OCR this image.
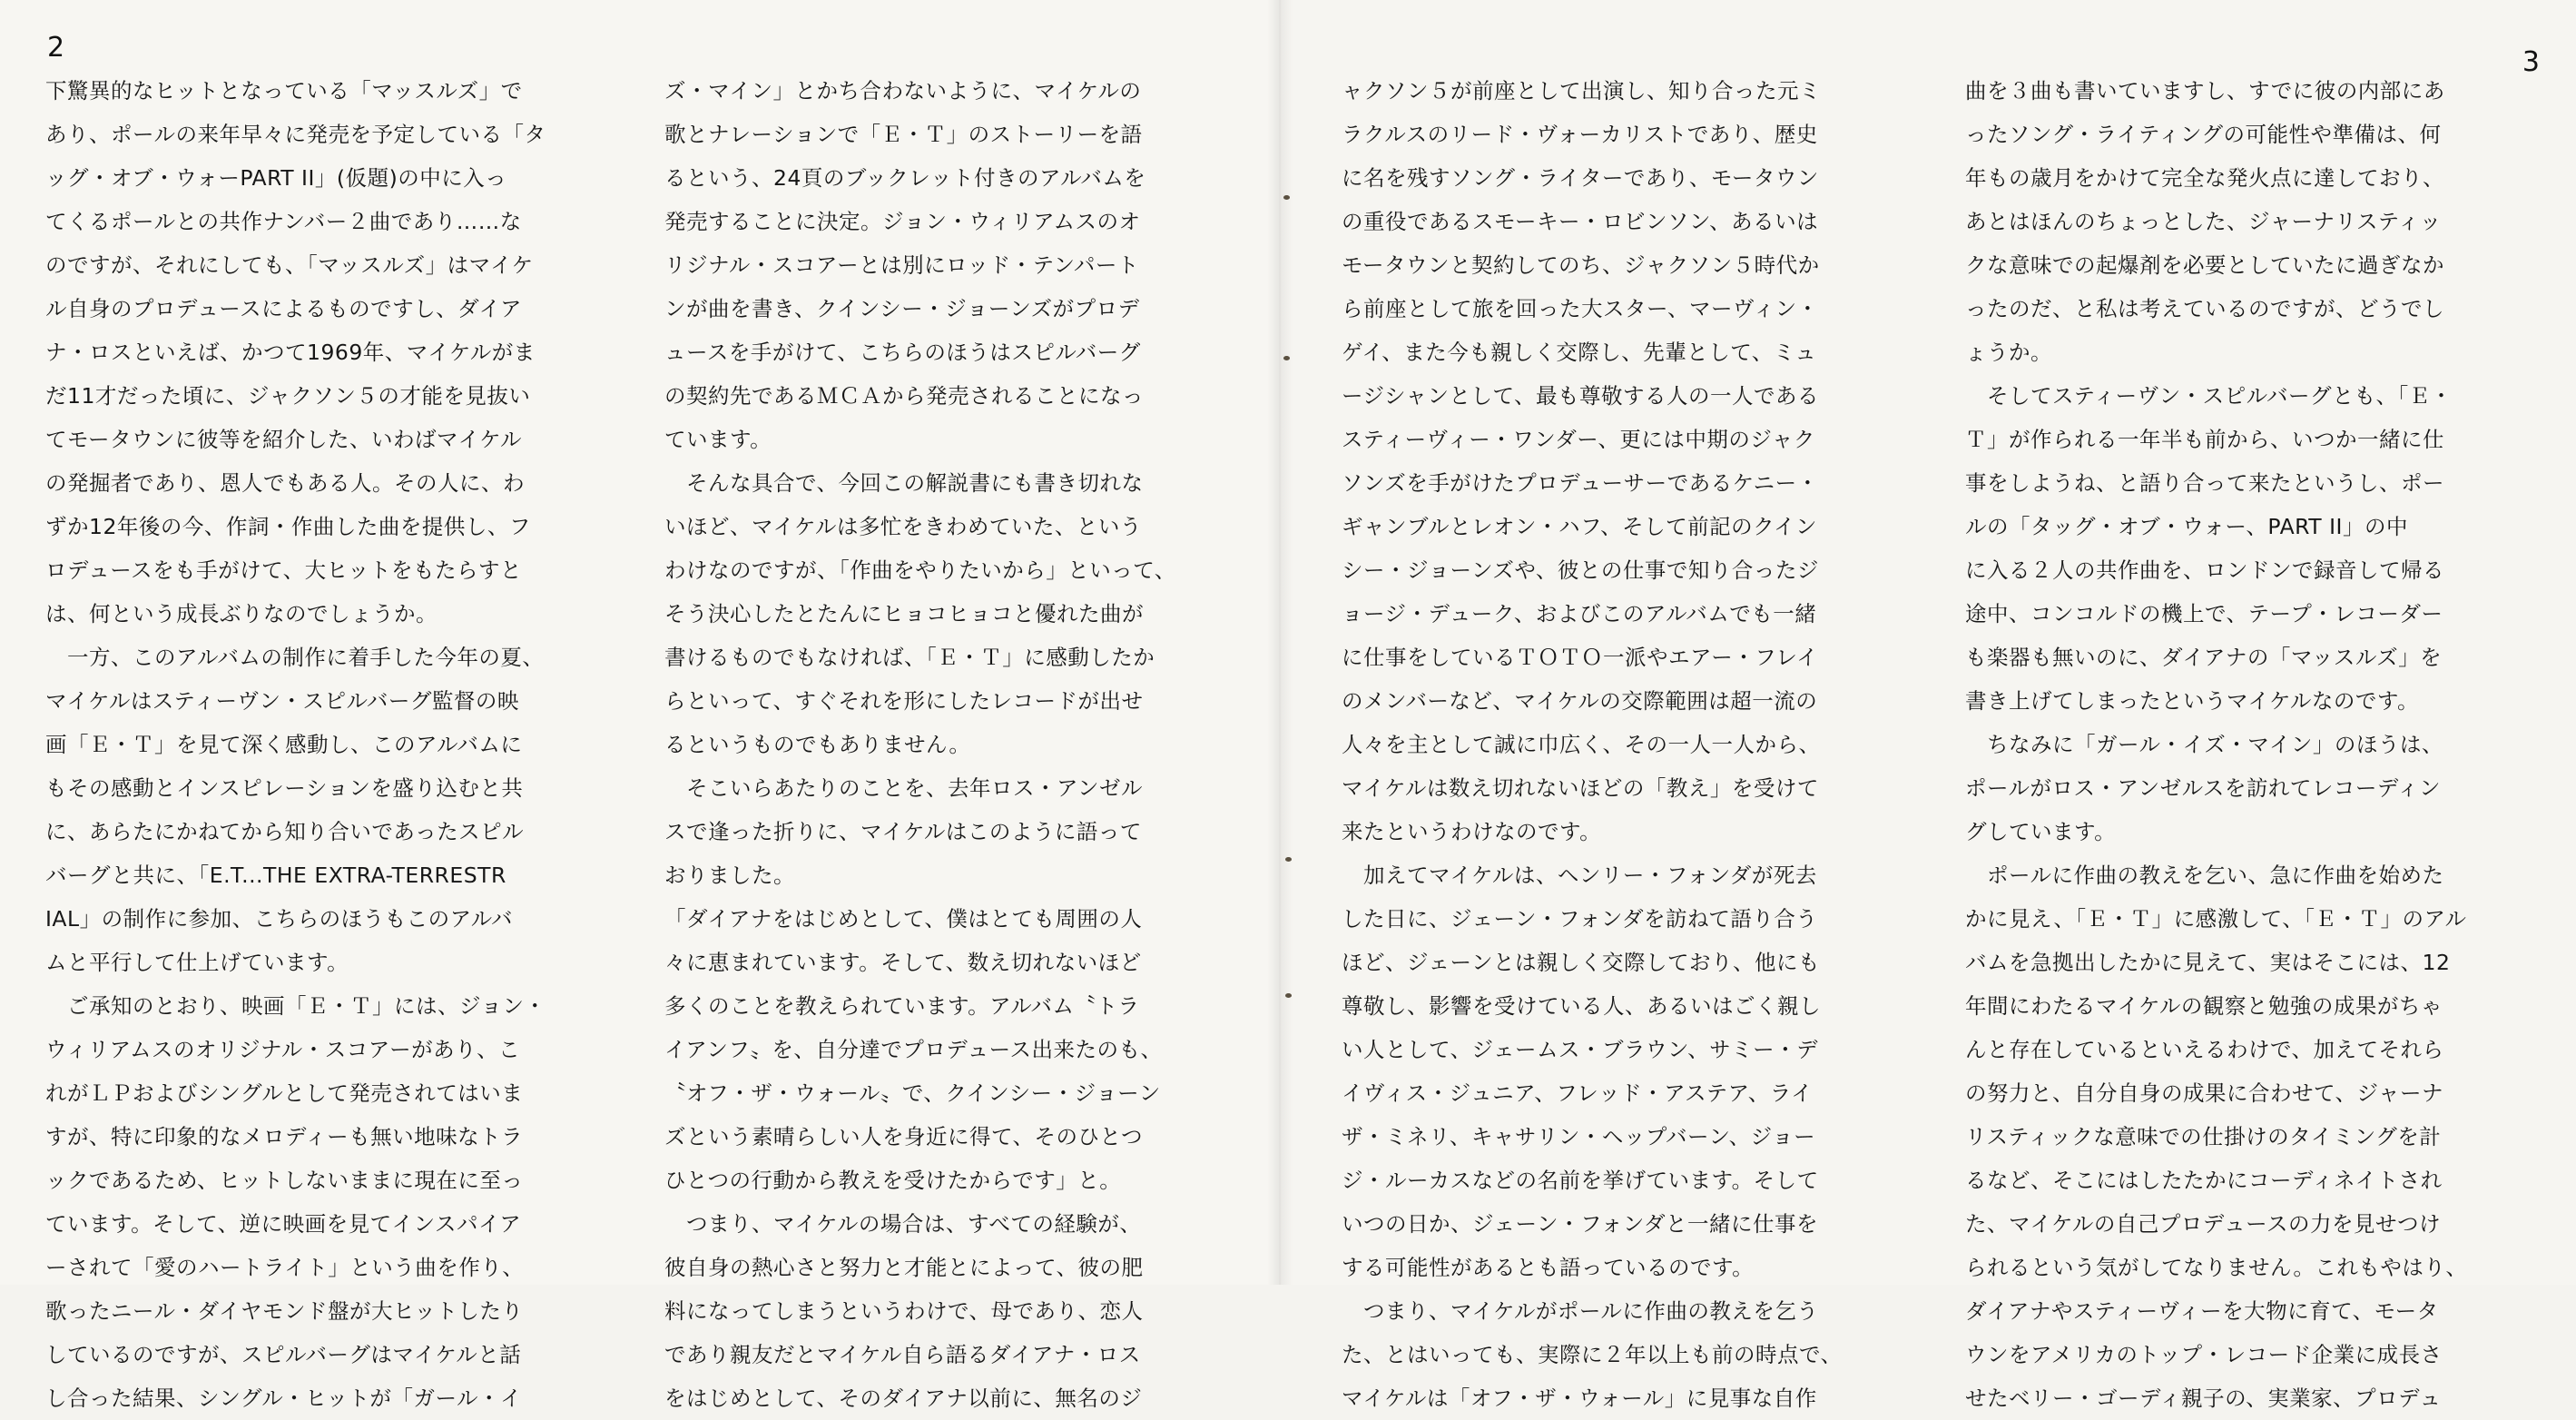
2
下驚異的なヒットとなっている「マッスルズ」で
あり、ポールの来年早々に発売を予定している「タ
ッグ・オブ・ウォーPART II」(仮題)の中に入っ
てくるポールとの共作ナンバー２曲であり……な
のですが、それにしても、「マッスルズ」はマイケ
ル自身のプロデュースによるものですし、ダイア
ナ・ロスといえば、かつて1969年、マイケルがま
だ11才だった頃に、ジャクソン５の才能を見抜い
てモータウンに彼等を紹介した、いわばマイケル
の発掘者であり、恩人でもある人。その人に、わ
ずか12年後の今、作詞・作曲した曲を提供し、フ
ロデュースをも手がけて、大ヒットをもたらすと
は、何という成長ぶりなのでしょうか。
　一方、このアルバムの制作に着手した今年の夏、
マイケルはスティーヴン・スピルバーグ監督の映
画「Ｅ・Ｔ」を見て深く感動し、このアルバムに
もその感動とインスピレーションを盛り込むと共
に、あらたにかねてから知り合いであったスピル
バーグと共に、「E.T...THE EXTRA-TERRESTR
IAL」の制作に参加、こちらのほうもこのアルバ
ムと平行して仕上げています。
　ご承知のとおり、映画「Ｅ・Ｔ」には、ジョン・
ウィリアムスのオリジナル・スコアーがあり、こ
れがＬＰおよびシングルとして発売されてはいま
すが、特に印象的なメロディーも無い地味なトラ
ックであるため、ヒットしないままに現在に至っ
ています。そして、逆に映画を見てインスパイア
ーされて「愛のハートライト」という曲を作り、
歌ったニール・ダイヤモンド盤が大ヒットしたり
しているのですが、スピルバーグはマイケルと話
し合った結果、シングル・ヒットが「ガール・イ
ズ・マイン」とかち合わないように、マイケルの
歌とナレーションで「Ｅ・Ｔ」のストーリーを語
るという、24頁のブックレット付きのアルバムを
発売することに決定。ジョン・ウィリアムスのオ
リジナル・スコアーとは別にロッド・テンパート
ンが曲を書き、クインシー・ジョーンズがプロデ
ュースを手がけて、こちらのほうはスピルバーグ
の契約先であるＭＣＡから発売されることになっ
ています。
　そんな具合で、今回この解説書にも書き切れな
いほど、マイケルは多忙をきわめていた、という
わけなのですが、「作曲をやりたいから」といって、
そう決心したとたんにヒョコヒョコと優れた曲が
書けるものでもなければ、「Ｅ・Ｔ」に感動したか
らといって、すぐそれを形にしたレコードが出せ
るというものでもありません。
　そこいらあたりのことを、去年ロス・アンゼル
スで逢った折りに、マイケルはこのように語って
おりました。
「ダイアナをはじめとして、僕はとても周囲の人
々に恵まれています。そして、数え切れないほど
多くのことを教えられています。アルバム〝トラ
イアンフ〟を、自分達でプロデュース出来たのも、
〝オフ・ザ・ウォール〟で、クインシー・ジョーン
ズという素晴らしい人を身近に得て、そのひとつ
ひとつの行動から教えを受けたからです」と。
　つまり、マイケルの場合は、すべての経験が、
彼自身の熱心さと努力と才能とによって、彼の肥
料になってしまうというわけで、母であり、恋人
であり親友だとマイケル自ら語るダイアナ・ロス
をはじめとして、そのダイアナ以前に、無名のジ
3
ャクソン５が前座として出演し、知り合った元ミ
ラクルスのリード・ヴォーカリストであり、歴史
に名を残すソング・ライターであり、モータウン
の重役であるスモーキー・ロビンソン、あるいは
モータウンと契約してのち、ジャクソン５時代か
ら前座として旅を回った大スター、マーヴィン・
ゲイ、また今も親しく交際し、先輩として、ミュ
ージシャンとして、最も尊敬する人の一人である
スティーヴィー・ワンダー、更には中期のジャク
ソンズを手がけたプロデューサーであるケニー・
ギャンブルとレオン・ハフ、そして前記のクイン
シー・ジョーンズや、彼との仕事で知り合ったジ
ョージ・デューク、およびこのアルバムでも一緒
に仕事をしているＴＯＴＯ一派やエアー・フレイ
のメンバーなど、マイケルの交際範囲は超一流の
人々を主として誠に巾広く、その一人一人から、
マイケルは数え切れないほどの「教え」を受けて
来たというわけなのです。
　加えてマイケルは、ヘンリー・フォンダが死去
した日に、ジェーン・フォンダを訪ねて語り合う
ほど、ジェーンとは親しく交際しており、他にも
尊敬し、影響を受けている人、あるいはごく親し
い人として、ジェームス・ブラウン、サミー・デ
イヴィス・ジュニア、フレッド・アステア、ライ
ザ・ミネリ、キャサリン・ヘップバーン、ジョー
ジ・ルーカスなどの名前を挙げています。そして
いつの日か、ジェーン・フォンダと一緒に仕事を
する可能性があるとも語っているのです。
　つまり、マイケルがポールに作曲の教えを乞う
た、とはいっても、実際に２年以上も前の時点で、
マイケルは「オフ・ザ・ウォール」に見事な自作
曲を３曲も書いていますし、すでに彼の内部にあ
ったソング・ライティングの可能性や準備は、何
年もの歳月をかけて完全な発火点に達しており、
あとはほんのちょっとした、ジャーナリスティッ
クな意味での起爆剤を必要としていたに過ぎなか
ったのだ、と私は考えているのですが、どうでし
ょうか。
　そしてスティーヴン・スピルバーグとも、「Ｅ・
Ｔ」が作られる一年半も前から、いつか一緒に仕
事をしようね、と語り合って来たというし、ポー
ルの「タッグ・オブ・ウォー、PART II」の中
に入る２人の共作曲を、ロンドンで録音して帰る
途中、コンコルドの機上で、テープ・レコーダー
も楽器も無いのに、ダイアナの「マッスルズ」を
書き上げてしまったというマイケルなのです。
　ちなみに「ガール・イズ・マイン」のほうは、
ポールがロス・アンゼルスを訪れてレコーディン
グしています。
　ポールに作曲の教えを乞い、急に作曲を始めた
かに見え、「Ｅ・Ｔ」に感激して、「Ｅ・Ｔ」のアル
バムを急拠出したかに見えて、実はそこには、12
年間にわたるマイケルの観察と勉強の成果がちゃ
んと存在しているといえるわけで、加えてそれら
の努力と、自分自身の成果に合わせて、ジャーナ
リスティックな意味での仕掛けのタイミングを計
るなど、そこにはしたたかにコーディネイトされ
た、マイケルの自己プロデュースの力を見せつけ
られるという気がしてなりません。これもやはり、
ダイアナやスティーヴィーを大物に育て、モータ
ウンをアメリカのトップ・レコード企業に成長さ
せたベリー・ゴーディ親子の、実業家、プロデュ
